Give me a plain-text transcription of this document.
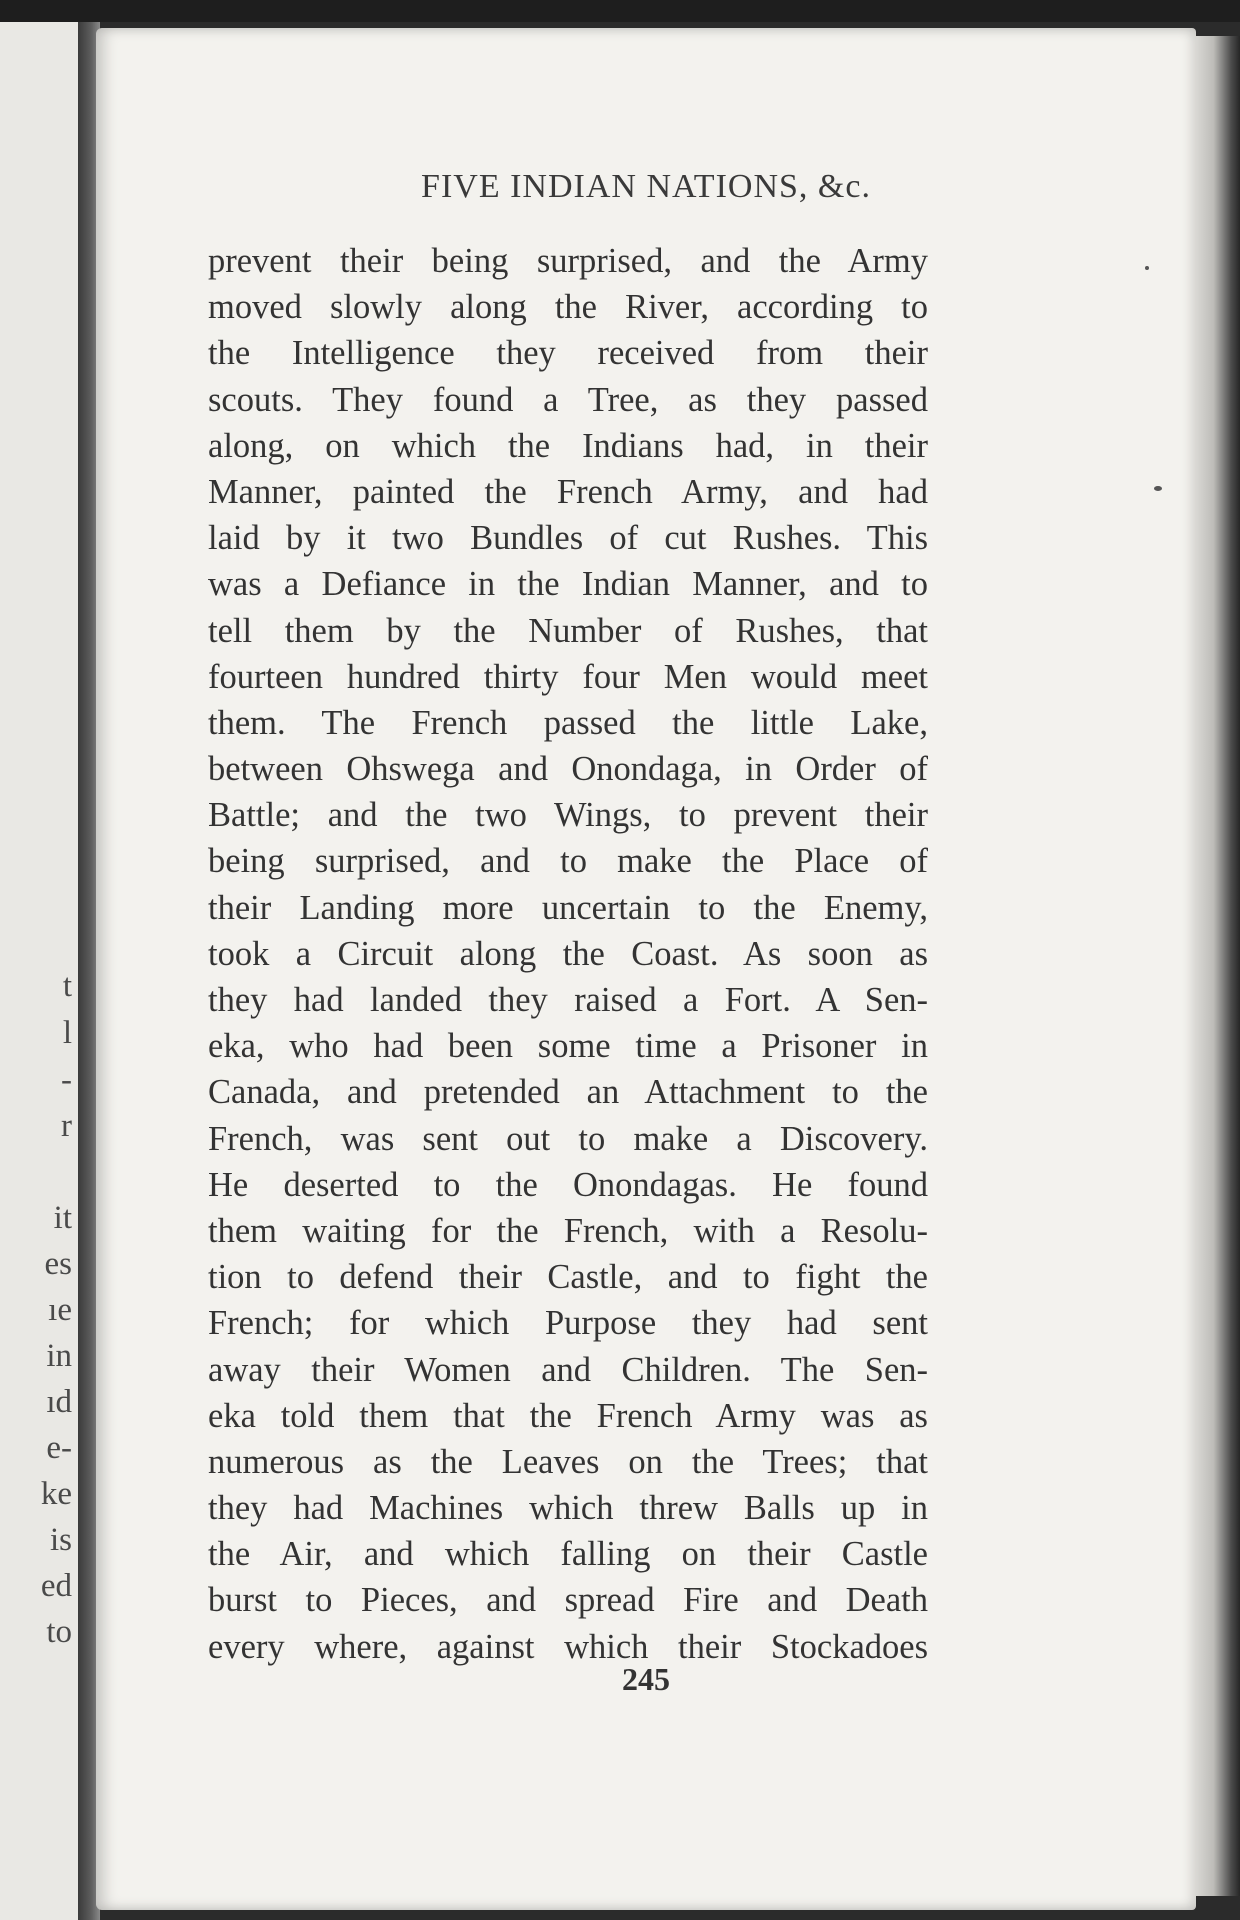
t
l
-
r
it
es
ıe
in
ıd
e-
ke
is
ed
to
FIVE INDIAN NATIONS, &c.
prevent their being surprised, and the Army
moved slowly along the River, according to
the Intelligence they received from their
scouts. They found a Tree, as they passed
along, on which the Indians had, in their
Manner, painted the French Army, and had
laid by it two Bundles of cut Rushes. This
was a Defiance in the Indian Manner, and to
tell them by the Number of Rushes, that
fourteen hundred thirty four Men would meet
them. The French passed the little Lake,
between Ohswega and Onondaga, in Order of
Battle; and the two Wings, to prevent their
being surprised, and to make the Place of
their Landing more uncertain to the Enemy,
took a Circuit along the Coast. As soon as
they had landed they raised a Fort. A Sen-
eka, who had been some time a Prisoner in
Canada, and pretended an Attachment to the
French, was sent out to make a Discovery.
He deserted to the Onondagas. He found
them waiting for the French, with a Resolu-
tion to defend their Castle, and to fight the
French; for which Purpose they had sent
away their Women and Children. The Sen-
eka told them that the French Army was as
numerous as the Leaves on the Trees; that
they had Machines which threw Balls up in
the Air, and which falling on their Castle
burst to Pieces, and spread Fire and Death
every where, against which their Stockadoes
245
